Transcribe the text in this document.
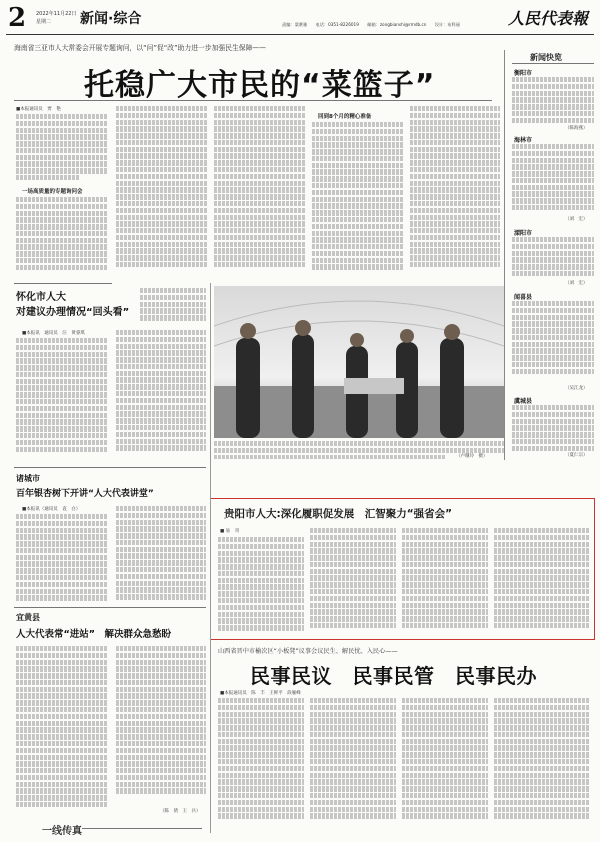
2 2022年11月22日
星期二 新闻·综合	责编：梁赛雅　　电话：0351-8226019　　邮箱：zongbianshi@rmdb.cn　　设计：布科丽	人民代表報
海南省三亚市人大常委会开展专题询问，以“问”促“改”助力进一步加强民生保障——
托稳广大市民的“菜篮子”
■本报通讯员　贾　艳
一场高质量的专题询问会
回到8个月的精心准备
怀化市人大
对建议办理情况“回头看”
■本报讯　通讯员　汪　黄睿琪
诸城市
百年银杏树下开讲“人大代表讲堂”
■本报讯（通讯员　袁　白）
宜黄县
人大代表常“进站”　解决群众急愁盼
（陈　倩　王　兵）
一线传真
（卢珊玲　摄）
新闻快览
衡阳市
（陈海燕）
海林市
（刘　宏）
溧阳市
（刘　宏）
闻喜县
（吴江龙）
虞城县
（夏仁宗）
贵阳市人大:深化履职促发展　汇智聚力“强省会”
■ 易　刊
山西省晋中市榆次区“小板凳”议事会议民生、解民忧、入民心——
民事民议　民事民管　民事民办
■本报通讯员　陈　丰　王鲜平　段雁峰
